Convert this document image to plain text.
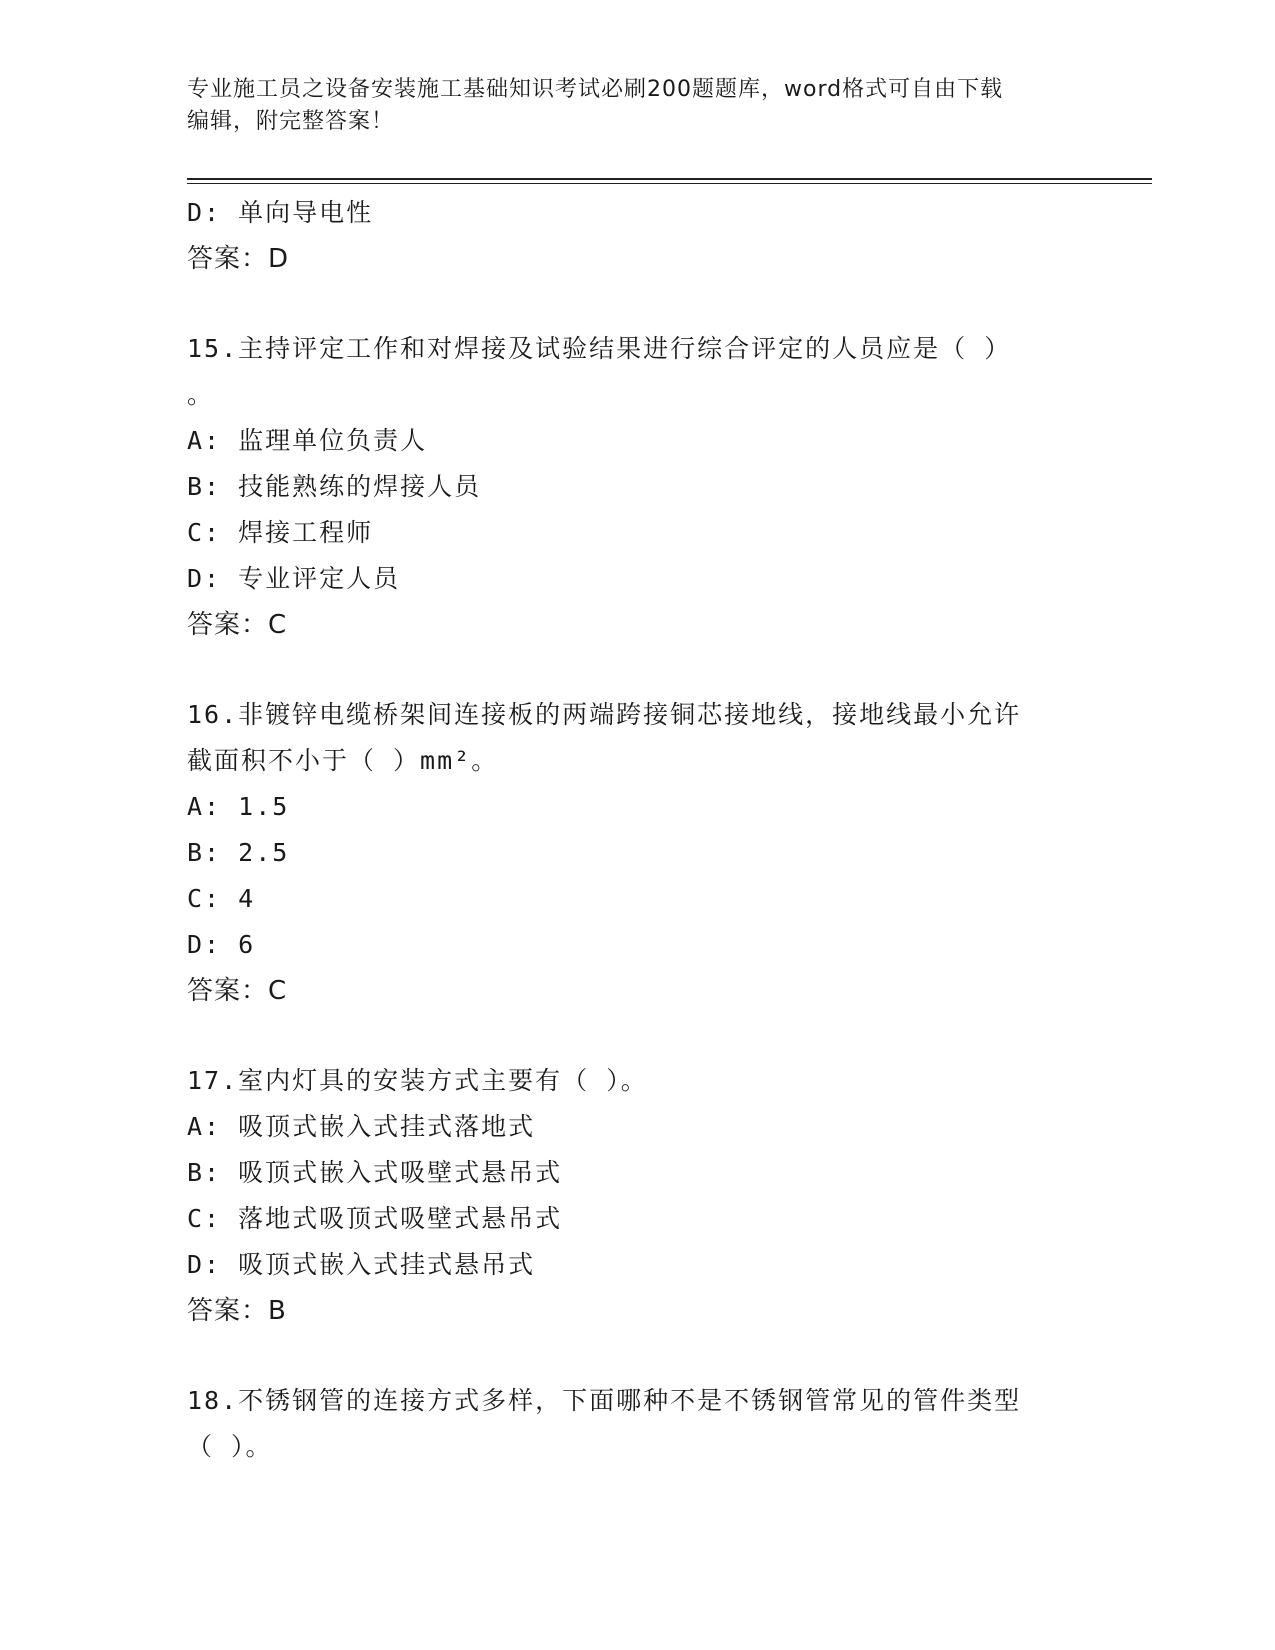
专业施工员之设备安装施工基础知识考试必刷200题题库，word格式可自由下载
编辑，附完整答案！
D: 单向导电性
答案：D
15.主持评定工作和对焊接及试验结果进行综合评定的人员应是（ ）
。
A: 监理单位负责人
B: 技能熟练的焊接人员
C: 焊接工程师
D: 专业评定人员
答案：C
16.非镀锌电缆桥架间连接板的两端跨接铜芯接地线，接地线最小允许
截面积不小于（ ）mm²。
A: 1.5
B: 2.5
C: 4
D: 6
答案：C
17.室内灯具的安装方式主要有（ ）。
A: 吸顶式嵌入式挂式落地式
B: 吸顶式嵌入式吸壁式悬吊式
C: 落地式吸顶式吸壁式悬吊式
D: 吸顶式嵌入式挂式悬吊式
答案：B
18.不锈钢管的连接方式多样，下面哪种不是不锈钢管常见的管件类型
（ ）。
